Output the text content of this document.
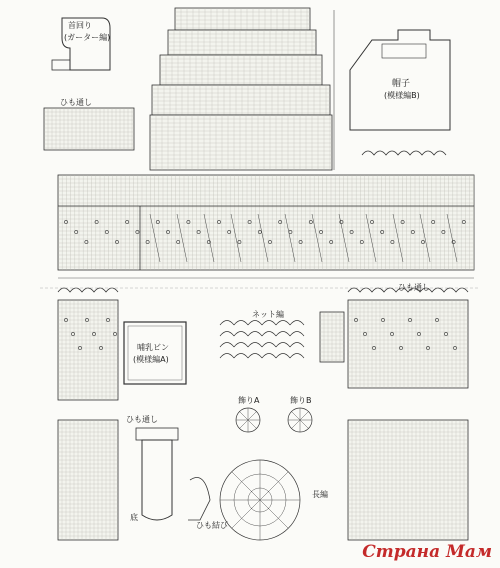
首回り
(ガーター編)
ひも通し
帽子
(模様編B)
ひも通し
哺乳ビン
(模様編A)
ネット編
飾りA	飾りB
ひも通し
底
ひも結び
長編
Страна Мам
